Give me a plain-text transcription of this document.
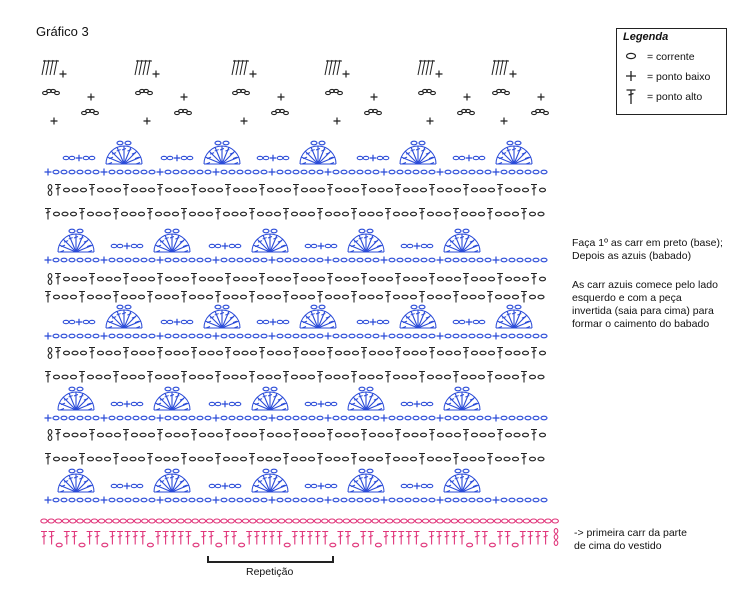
Gráfico 3	Legenda
= corrente
= ponto baixo
= ponto alto
Faça 1º as carr em preto (base);
Depois as azuis (babado)
As carr azuis comece pelo lado
esquerdo e com a peça
invertida (saia para cima) para
formar o caimento do babado
-> primeira carr da parte
de cima do vestido
Repetição
